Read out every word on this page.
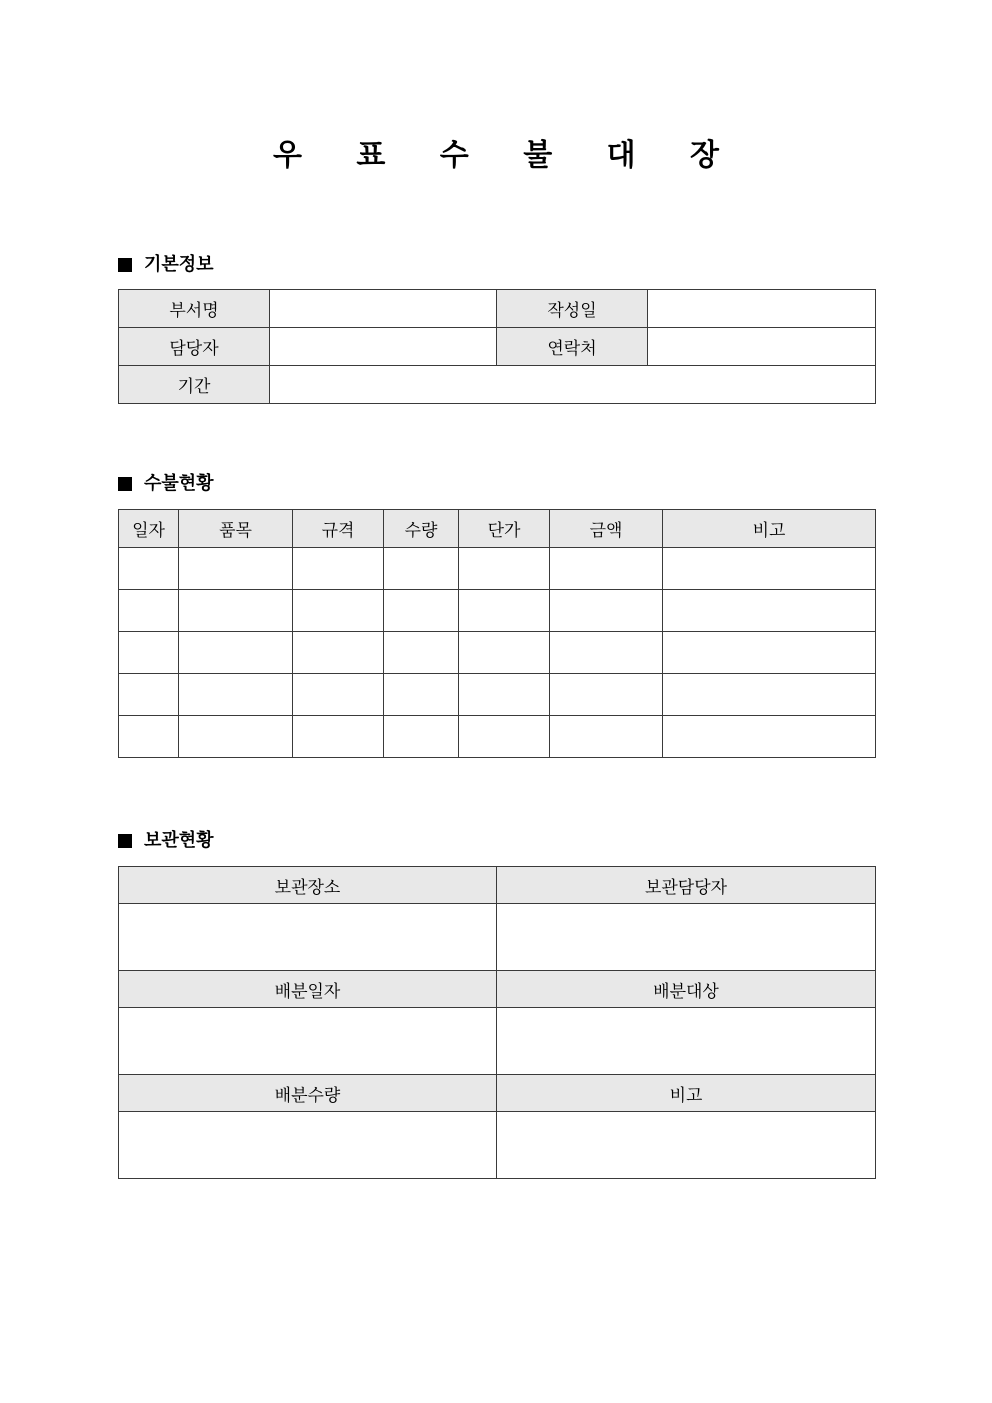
우 표 수 불 대 장
기본정보
부서명		작성일	
담당자		연락처	
기간			
수불현황
일자	품목	규격	수량	단가	금액	비고

보관현황
보관장소	보관담당자

배분일자	배분대상

배분수량	비고
